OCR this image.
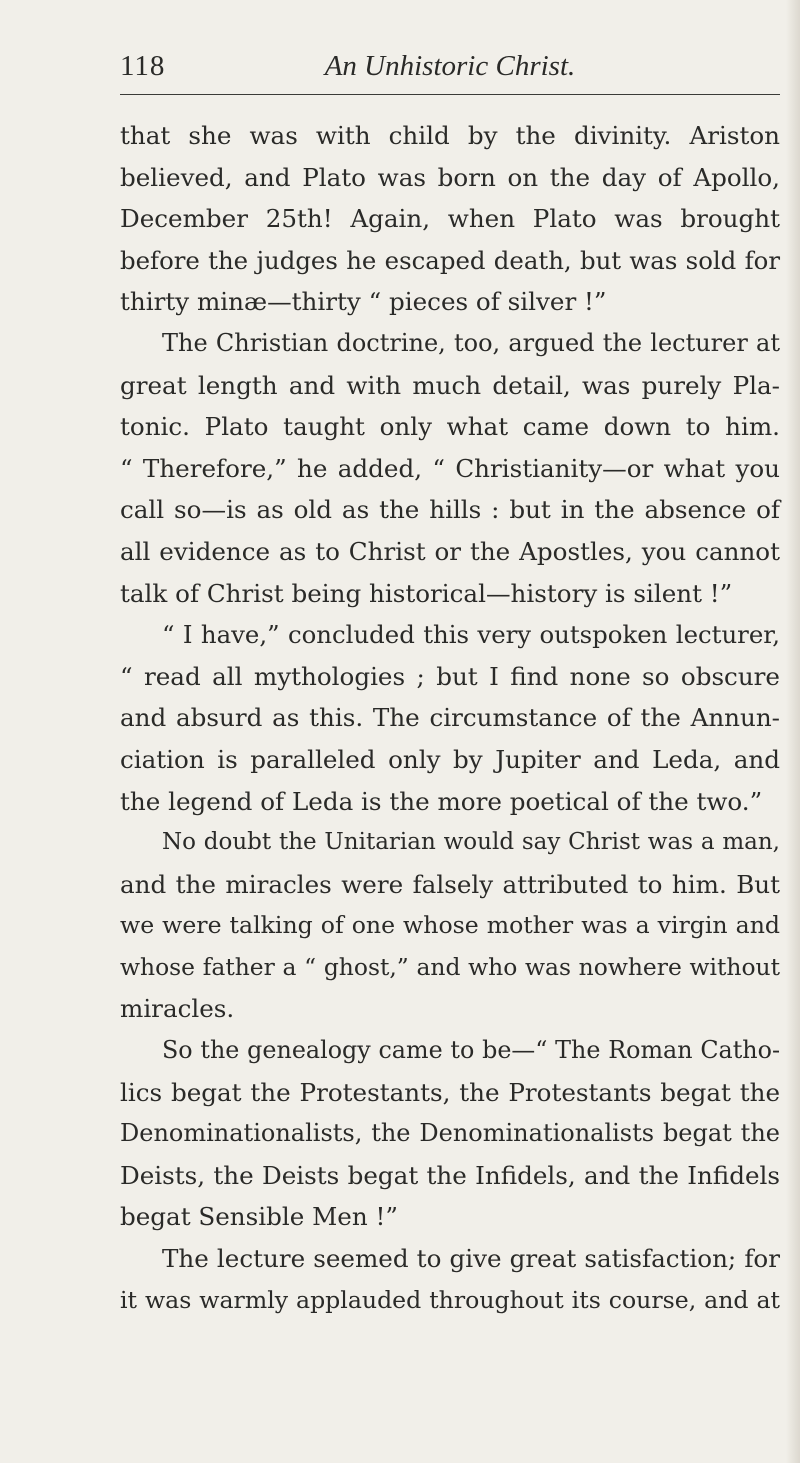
118	An Unhistoric Christ.
that she was with child by the divinity. Ariston
believed, and Plato was born on the day of Apollo,
December 25th! Again, when Plato was brought
before the judges he escaped death, but was sold for
thirty minæ—thirty “ pieces of silver !”
The Christian doctrine, too, argued the lecturer at
great length and with much detail, was purely Pla-
tonic. Plato taught only what came down to him.
“ Therefore,” he added, “ Christianity—or what you
call so—is as old as the hills : but in the absence of
all evidence as to Christ or the Apostles, you cannot
talk of Christ being historical—history is silent !”
“ I have,” concluded this very outspoken lecturer,
“ read all mythologies ; but I find none so obscure
and absurd as this. The circumstance of the Annun-
ciation is paralleled only by Jupiter and Leda, and
the legend of Leda is the more poetical of the two.”
No doubt the Unitarian would say Christ was a man,
and the miracles were falsely attributed to him. But
we were talking of one whose mother was a virgin and
whose father a “ ghost,” and who was nowhere without
miracles.
So the genealogy came to be—“ The Roman Catho-
lics begat the Protestants, the Protestants begat the
Denominationalists, the Denominationalists begat the
Deists, the Deists begat the Infidels, and the Infidels
begat Sensible Men !”
The lecture seemed to give great satisfaction; for
it was warmly applauded throughout its course, and at
